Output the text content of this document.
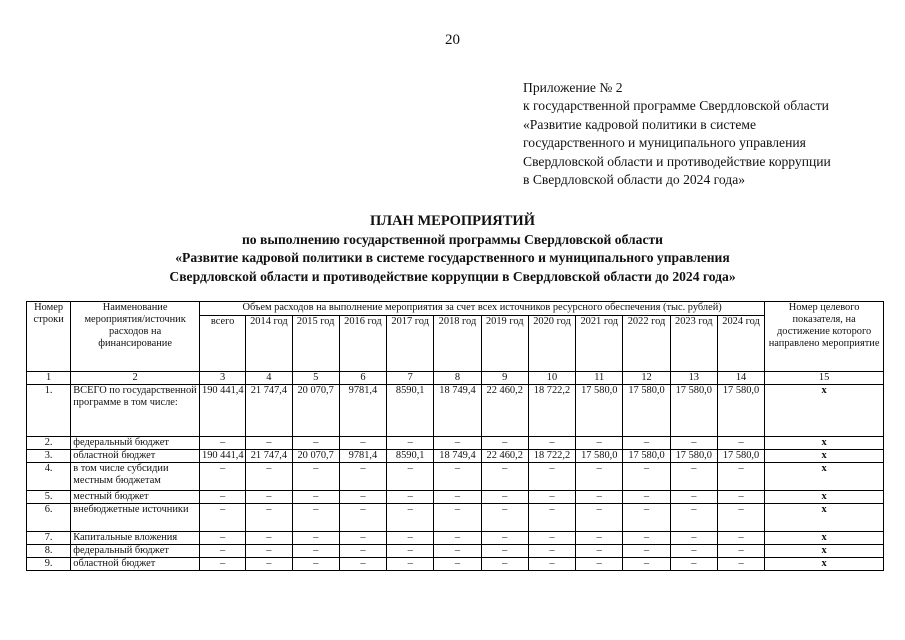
20
Приложение № 2
к государственной программе Свердловской области
«Развитие кадровой политики в системе
государственного и муниципального управления
Свердловской области и противодействие коррупции
в Свердловской области до 2024 года»
ПЛАН МЕРОПРИЯТИЙ
по выполнению государственной программы Свердловской области
«Развитие кадровой политики в системе государственного и муниципального управления
Свердловской области и противодействие коррупции в Свердловской области до 2024 года»
Номер строки	Наименование мероприятия/источник расходов на финансирование	Объем расходов на выполнение мероприятия за счет всех источников ресурсного обеспечения (тыс. рублей)												Номер целевого показателя, на достижение которого направлено мероприятие
		всего	2014 год	2015 год	2016 год	2017 год	2018 год	2019 год	2020 год	2021 год	2022 год	2023 год	2024 год	
1	2	3	4	5	6	7	8	9	10	11	12	13	14	15
1.	ВСЕГО по государственной программе в том числе:	190 441,4	21 747,4	20 070,7	9781,4	8590,1	18 749,4	22 460,2	18 722,2	17 580,0	17 580,0	17 580,0	17 580,0	х
2.	федеральный бюджет	–	–	–	–	–	–	–	–	–	–	–	–	х
3.	областной бюджет	190 441,4	21 747,4	20 070,7	9781,4	8590,1	18 749,4	22 460,2	18 722,2	17 580,0	17 580,0	17 580,0	17 580,0	х
4.	в том числе субсидии местным бюджетам	–	–	–	–	–	–	–	–	–	–	–	–	х
5.	местный бюджет	–	–	–	–	–	–	–	–	–	–	–	–	х
6.	внебюджетные источники	–	–	–	–	–	–	–	–	–	–	–	–	х
7.	Капитальные вложения	–	–	–	–	–	–	–	–	–	–	–	–	х
8.	федеральный бюджет	–	–	–	–	–	–	–	–	–	–	–	–	х
9.	областной бюджет	–	–	–	–	–	–	–	–	–	–	–	–	х
